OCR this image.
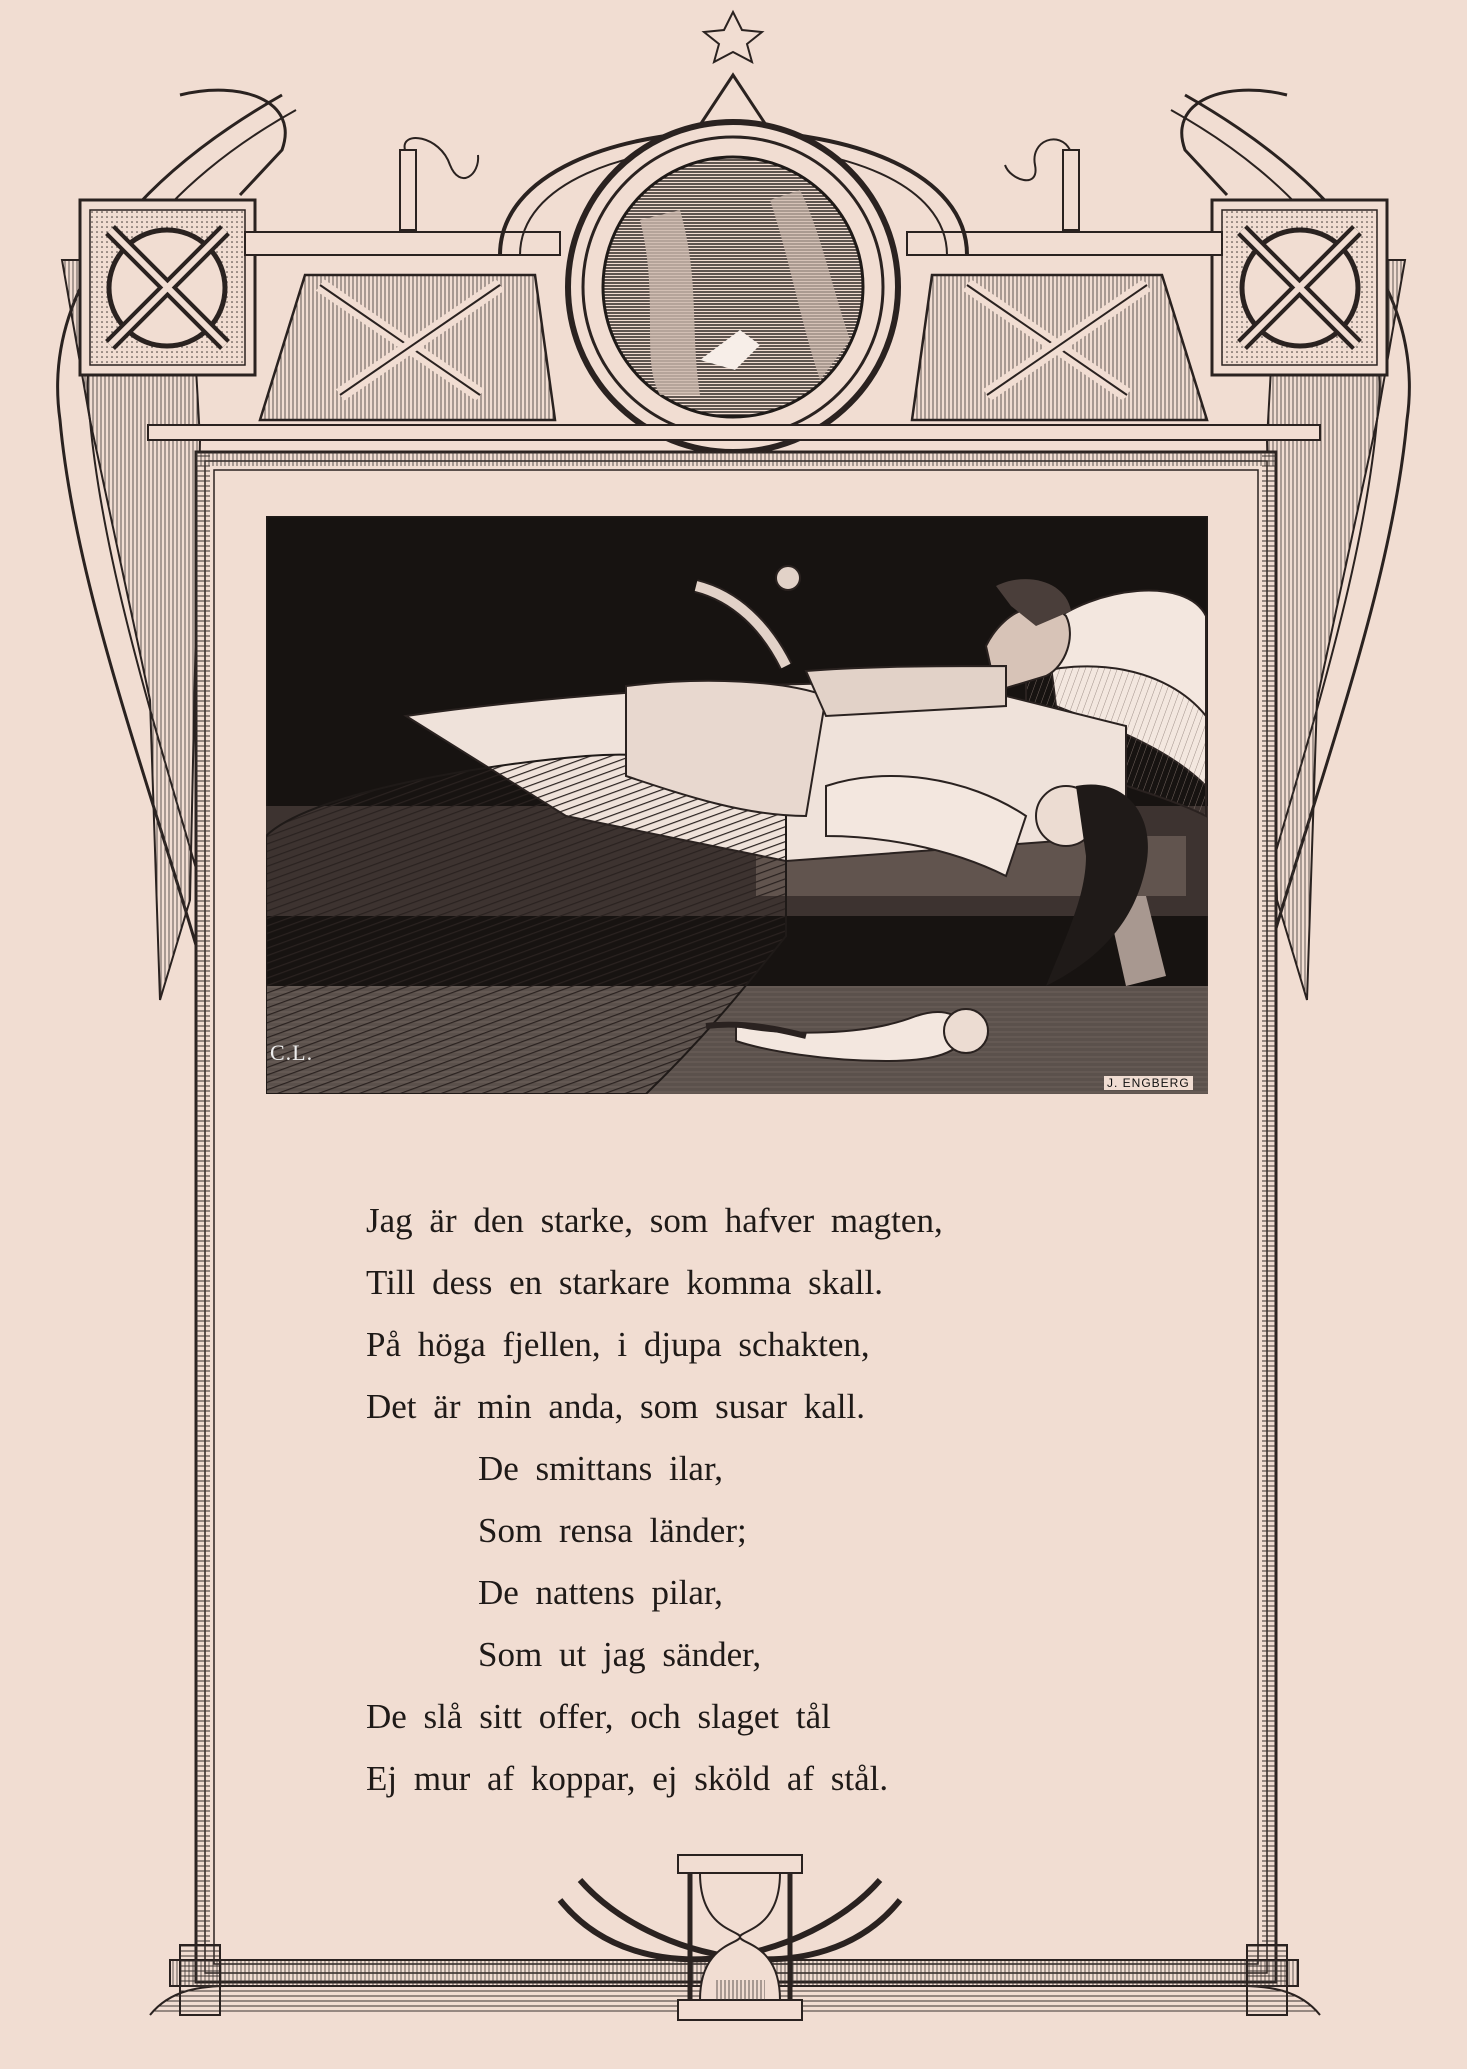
C.L.
J. ENGBERG
Jag är den starke, som hafver magten,
Till dess en starkare komma skall.
På höga fjellen, i djupa schakten,
Det är min anda, som susar kall.
De smittans ilar,
Som rensa länder;
De nattens pilar,
Som ut jag sänder,
De slå sitt offer, och slaget tål
Ej mur af koppar, ej sköld af stål.
